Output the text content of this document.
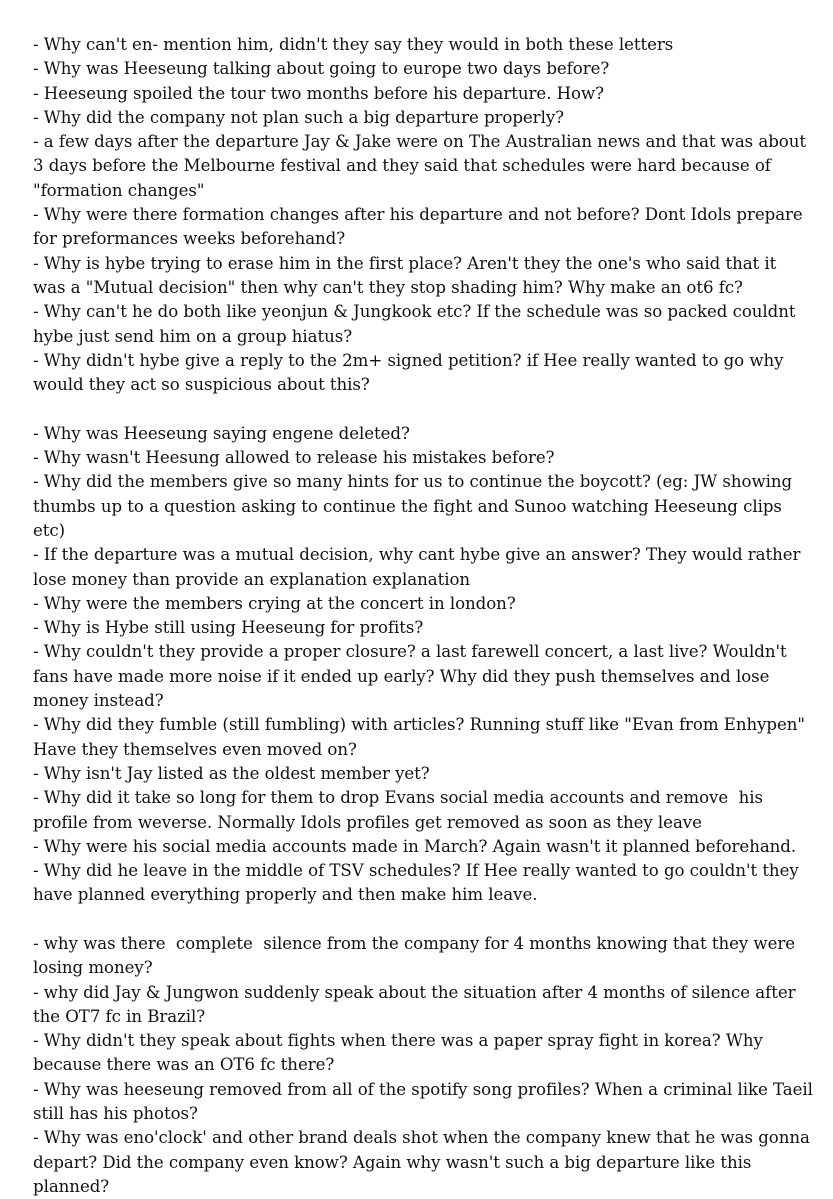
- Why can't en- mention him, didn't they say they would in both these letters
- Why was Heeseung talking about going to europe two days before?
- Heeseung spoiled the tour two months before his departure. How?
- Why did the company not plan such a big departure properly?
- a few days after the departure Jay & Jake were on The Australian news and that was about 3 days before the Melbourne festival and they said that schedules were hard because of "formation changes"
- Why were there formation changes after his departure and not before? Dont Idols prepare for preformances weeks beforehand?
- Why is hybe trying to erase him in the first place? Aren't they the one's who said that it was a "Mutual decision" then why can't they stop shading him? Why make an ot6 fc?
- Why can't he do both like yeonjun & Jungkook etc? If the schedule was so packed couldnt hybe just send him on a group hiatus?
- Why didn't hybe give a reply to the 2m+ signed petition? if Hee really wanted to go why would they act so suspicious about this?
- Why was Heeseung saying engene deleted?
- Why wasn't Heesung allowed to release his mistakes before?
- Why did the members give so many hints for us to continue the boycott? (eg: JW showing thumbs up to a question asking to continue the fight and Sunoo watching Heeseung clips etc)
- If the departure was a mutual decision, why cant hybe give an answer? They would rather lose money than provide an explanation explanation
- Why were the members crying at the concert in london?
- Why is Hybe still using Heeseung for profits?
- Why couldn't they provide a proper closure? a last farewell concert, a last live? Wouldn't fans have made more noise if it ended up early? Why did they push themselves and lose money instead?
- Why did they fumble (still fumbling) with articles? Running stuff like "Evan from Enhypen" Have they themselves even moved on?
- Why isn't Jay listed as the oldest member yet?
- Why did it take so long for them to drop Evans social media accounts and remove  his profile from weverse. Normally Idols profiles get removed as soon as they leave
- Why were his social media accounts made in March? Again wasn't it planned beforehand.
- Why did he leave in the middle of TSV schedules? If Hee really wanted to go couldn't they have planned everything properly and then make him leave.
- why was there  complete  silence from the company for 4 months knowing that they were losing money?
- why did Jay & Jungwon suddenly speak about the situation after 4 months of silence after the OT7 fc in Brazil?
- Why didn't they speak about fights when there was a paper spray fight in korea? Why because there was an OT6 fc there?
- Why was heeseung removed from all of the spotify song profiles? When a criminal like Taeil still has his photos?
- Why was eno'clock' and other brand deals shot when the company knew that he was gonna depart? Did the company even know? Again why wasn't such a big departure like this planned?
